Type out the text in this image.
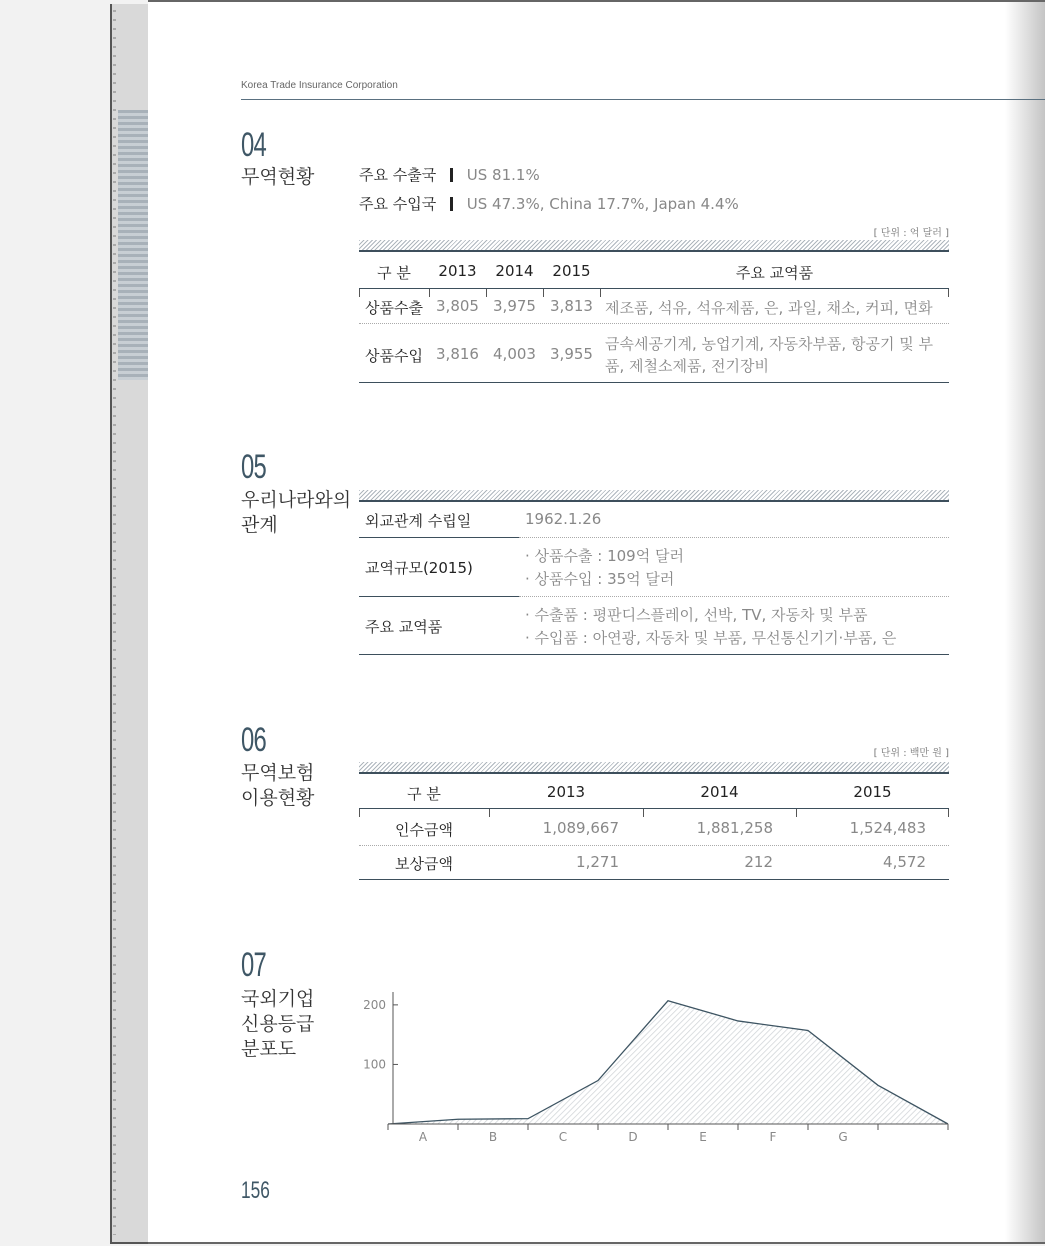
Korea Trade Insurance Corporation
04
무역현황	주요 수출국 US 81.1%
주요 수입국 US 47.3%, China 17.7%, Japan 4.4%
[ 단위 : 억 달러 ]
구 분	2013	2014	2015	주요 교역품
상품수출 3,805 3,975 3,813 제조품, 석유, 석유제품, 은, 과일, 채소, 커피, 면화
상품수입 3,816 4,003 3,955
금속세공기계, 농업기계, 자동차부품, 항공기 및 부
품, 제철소제품, 전기장비
05
우리나라와의
관계	외교관계 수립일	1962.1.26
교역규모(2015)
· 상품수출 : 109억 달러
· 상품수입 : 35억 달러
주요 교역품
· 수출품 : 평판디스플레이, 선박, TV, 자동차 및 부품
· 수입품 : 아연광, 자동차 및 부품, 무선통신기기·부품, 은
06
무역보험
이용현황
[ 단위 : 백만 원 ]
구 분	2013	2014	2015
인수금액	1,089,667	1,881,258	1,524,483
보상금액	1,271	212	4,572
07
국외기업
신용등급
분포도
A	B	C	D	E	F	G
100
200
156
